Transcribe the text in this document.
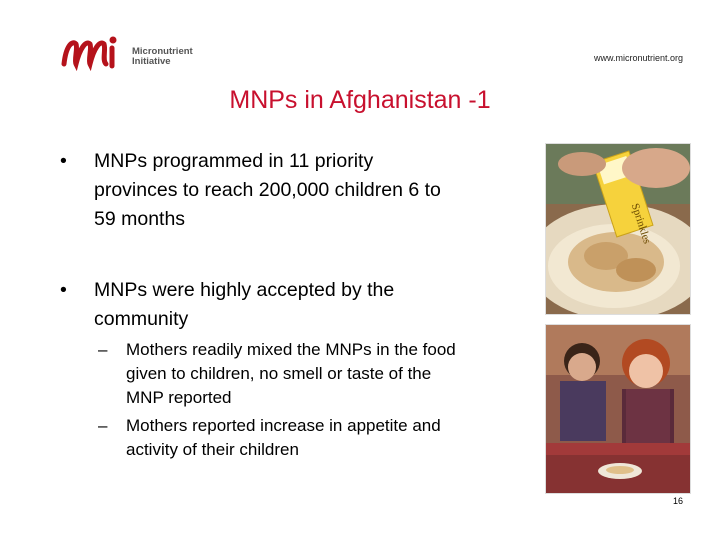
Micronutrient
Initiative	www.micronutrient.org
MNPs in Afghanistan -1
• MNPs programmed in 11 priority
provinces to reach 200,000 children 6 to
59 months
• MNPs were highly accepted by the
community
– Mothers readily mixed the MNPs in the food
given to children, no smell or taste of the
MNP reported
– Mothers reported increase in appetite and
activity of their children
Sprinkles
16
